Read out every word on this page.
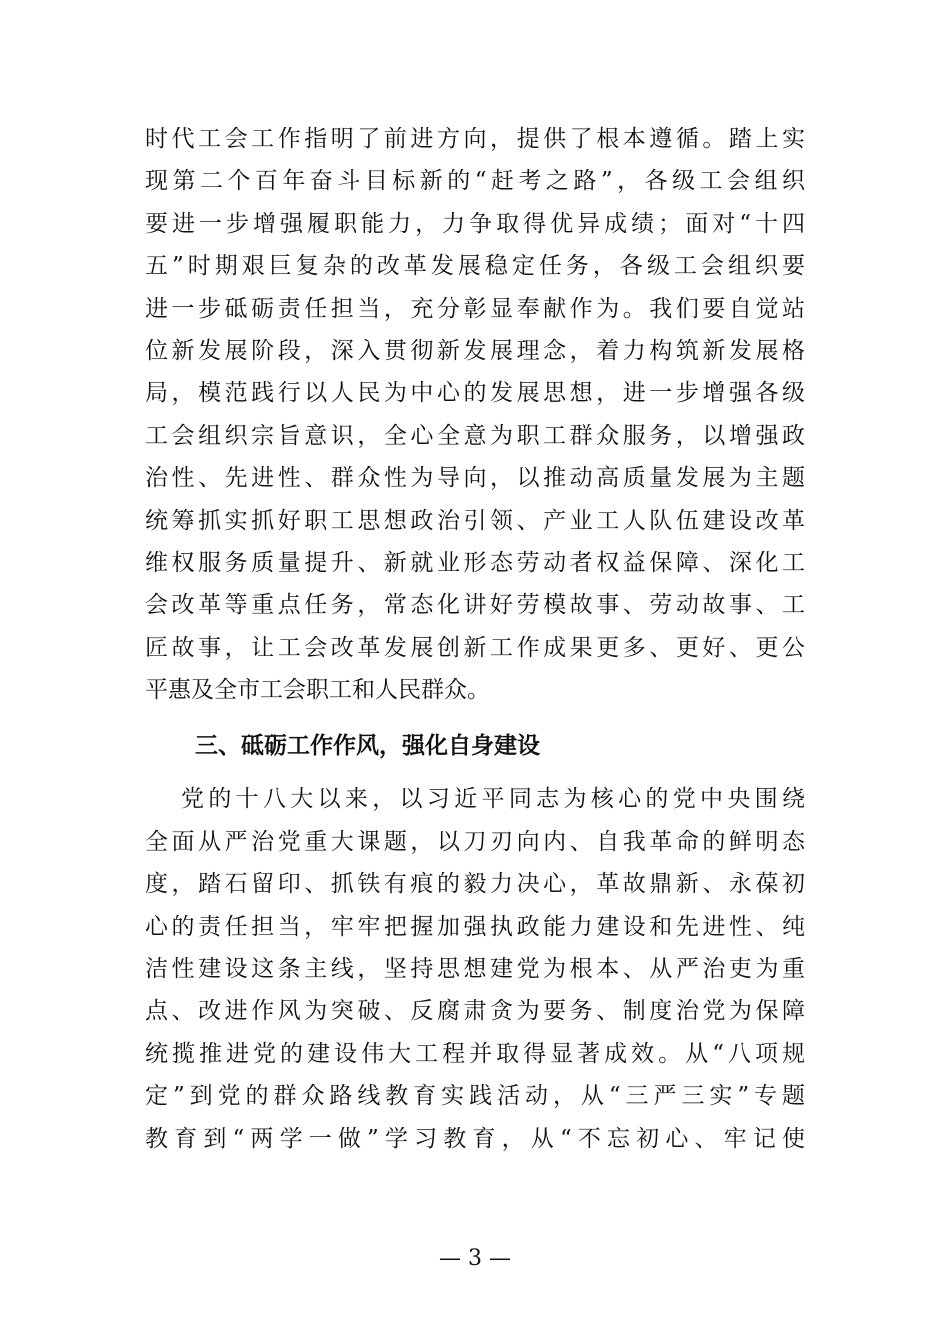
时代工会工作指明了前进方向，提供了根本遵循。踏上实
现第二个百年奋斗目标新的“赶考之路”，各级工会组织
要进一步增强履职能力，力争取得优异成绩；面对“十四
五”时期艰巨复杂的改革发展稳定任务，各级工会组织要
进一步砥砺责任担当，充分彰显奉献作为。我们要自觉站
位新发展阶段，深入贯彻新发展理念，着力构筑新发展格
局，模范践行以人民为中心的发展思想，进一步增强各级
工会组织宗旨意识，全心全意为职工群众服务，以增强政
治性、先进性、群众性为导向，以推动高质量发展为主题
统筹抓实抓好职工思想政治引领、产业工人队伍建设改革
维权服务质量提升、新就业形态劳动者权益保障、深化工
会改革等重点任务，常态化讲好劳模故事、劳动故事、工
匠故事，让工会改革发展创新工作成果更多、更好、更公
平惠及全市工会职工和人民群众。
三、砥砺工作作风，强化自身建设
党的十八大以来，以习近平同志为核心的党中央围绕
全面从严治党重大课题，以刀刃向内、自我革命的鲜明态
度，踏石留印、抓铁有痕的毅力决心，革故鼎新、永葆初
心的责任担当，牢牢把握加强执政能力建设和先进性、纯
洁性建设这条主线，坚持思想建党为根本、从严治吏为重
点、改进作风为突破、反腐肃贪为要务、制度治党为保障
统揽推进党的建设伟大工程并取得显著成效。从“八项规
定”到党的群众路线教育实践活动，从“三严三实”专题
教育到“两学一做”学习教育，从“不忘初心、牢记使
— 3 —
